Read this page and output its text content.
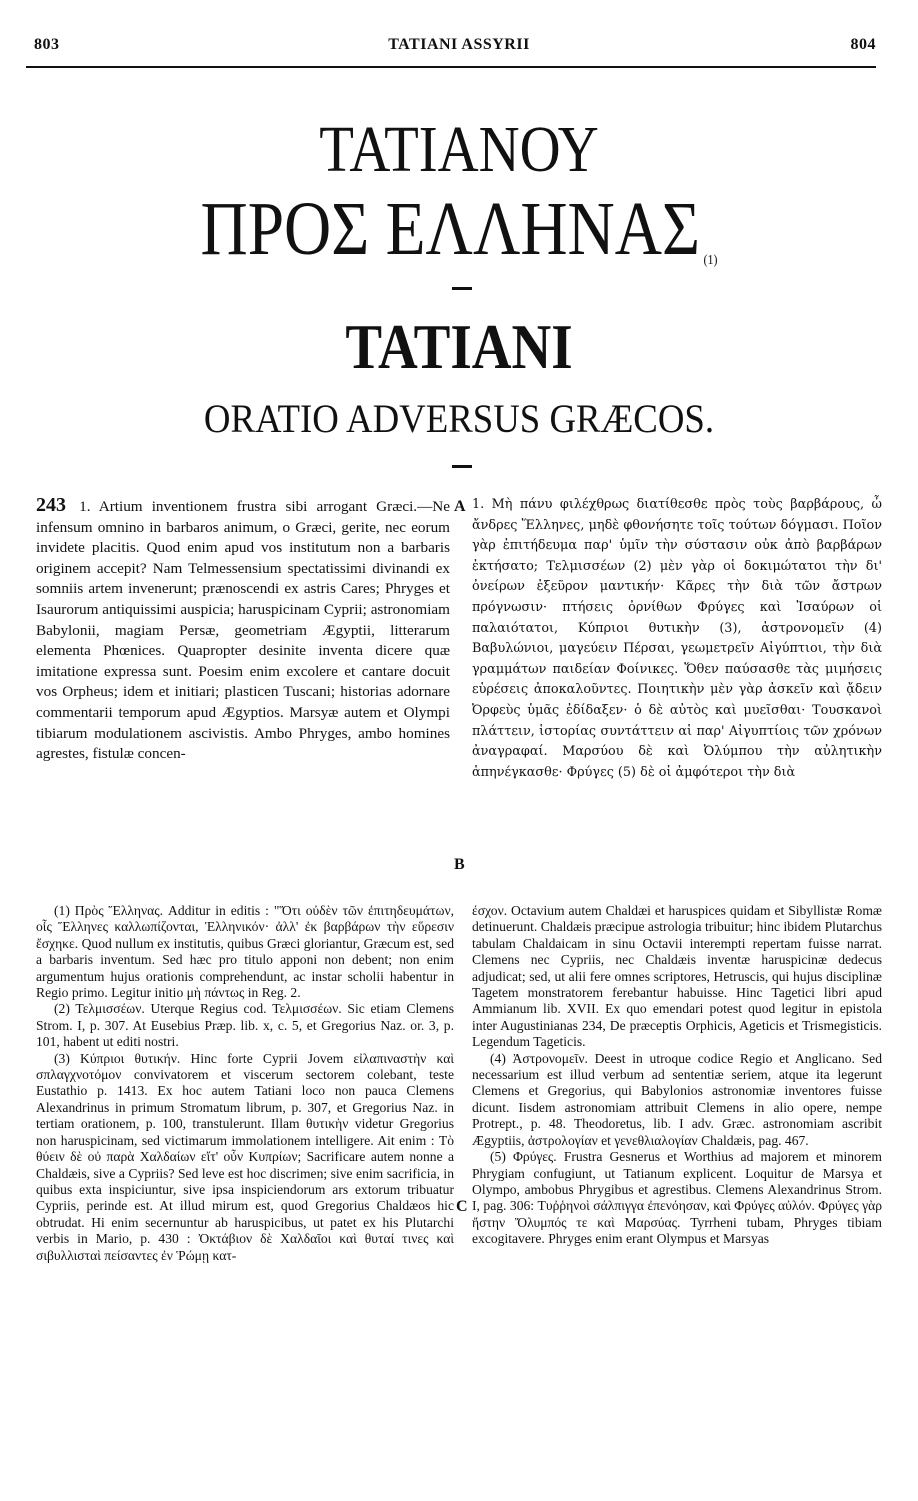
803	TATIANI ASSYRII	804
ΤΑΤΙΑΝΟΥ
ΠΡΟΣ ΕΛΛΗΝΑΣ $^{(1)}$
TATIANI
ORATIO ADVERSUS GRÆCOS.
243 1. Artium inventionem frustra sibi arrogant Græci.—Ne infensum omnino in barbaros animum, o Græci, gerite, nec eorum invidete placitis. Quod enim apud vos institutum non a barbaris originem accepit? Nam Telmessensium spectatissimi divinandi ex somniis artem invenerunt; prænoscendi ex astris Cares; Phryges et Isaurorum antiquissimi auspicia; haruspicinam Cyprii; astronomiam Babylonii, magiam Persæ, geometriam Ægyptii, litterarum elementa Phœnices. Quapropter desinite inventa dicere quæ imitatione expressa sunt. Poesim enim excolere et cantare docuit vos Orpheus; idem et initiari; plasticen Tuscani; historias adornare commentarii temporum apud Ægyptios. Marsyæ autem et Olympi tibiarum modulationem ascivistis. Ambo Phryges, ambo homines agrestes, fistulæ concen-
A
B
1. Μὴ πάνυ φιλέχθρως διατίθεσθε πρὸς τοὺς βαρβάρους, ὦ ἄνδρες Ἕλληνες, μηδὲ φθονήσητε τοῖς τούτων δόγμασι. Ποῖον γὰρ ἐπιτήδευμα παρ' ὑμῖν τὴν σύστασιν οὐκ ἀπὸ βαρβάρων ἐκτήσατο; Τελμισσέων (2) μὲν γὰρ οἱ δοκιμώτατοι τὴν δι' ὀνείρων ἐξεῦρον μαντικήν· Κᾶρες τὴν διὰ τῶν ἄστρων πρόγνωσιν· πτήσεις ὀρνίθων Φρύγες καὶ Ἰσαύρων οἱ παλαιότατοι, Κύπριοι θυτικὴν (3), ἀστρονομεῖν (4) Βαβυλώνιοι, μαγεύειν Πέρσαι, γεωμετρεῖν Αἰγύπτιοι, τὴν διὰ γραμμάτων παιδείαν Φοίνικες. Ὅθεν παύσασθε τὰς μιμήσεις εὑρέσεις ἀποκαλοῦντες. Ποιητικὴν μὲν γὰρ ἀσκεῖν καὶ ᾄδειν Ὀρφεὺς ὑμᾶς ἐδίδαξεν· ὁ δὲ αὐτὸς καὶ μυεῖσθαι· Τουσκανοὶ πλάττειν, ἱστορίας συντάττειν αἱ παρ' Αἰγυπτίοις τῶν χρόνων ἀναγραφαί. Μαρσύου δὲ καὶ Ὀλύμπου τὴν αὐλητικὴν ἀπηνέγκασθε· Φρύγες (5) δὲ οἱ ἀμφότεροι τὴν διὰ

(1) Πρὸς Ἕλληνας. Additur in editis : "Ὅτι οὐδὲν τῶν ἐπιτηδευμάτων, οἷς Ἕλληνες καλλωπίζονται, Ἑλληνικόν· ἀλλ' ἐκ βαρβάρων τὴν εὕρεσιν ἔσχηκε. Quod nullum ex institutis, quibus Græci gloriantur, Græcum est, sed a barbaris inventum. Sed hæc pro titulo apponi non debent; non enim argumentum hujus orationis comprehendunt, ac instar scholii habentur in Regio primo. Legitur initio μὴ πάντως in Reg. 2.

(2) Τελμισσέων. Uterque Regius cod. Τελμισσέων. Sic etiam Clemens Strom. I, p. 307. At Eusebius Præp. lib. x, c. 5, et Gregorius Naz. or. 3, p. 101, habent ut editi nostri.

(3) Κύπριοι θυτικήν. Hinc forte Cyprii Jovem εἰλαπιναστὴν καὶ σπλαγχνοτόμον convivatorem et viscerum sectorem colebant, teste Eustathio p. 1413. Ex hoc autem Tatiani loco non pauca Clemens Alexandrinus in primum Stromatum librum, p. 307, et Gregorius Naz. in tertiam orationem, p. 100, transtulerunt. Illam θυτικὴν videtur Gregorius non haruspicinam, sed victimarum immolationem intelligere. Ait enim : Τὸ θύειν δὲ οὐ παρὰ Χαλδαίων εἴτ' οὖν Κυπρίων; Sacrificare autem nonne a Chaldæis, sive a Cypriis? Sed leve est hoc discrimen; sive enim sacrificia, in quibus exta inspiciuntur, sive ipsa inspiciendorum ars extorum tribuatur Cypriis, perinde est. At illud mirum est, quod Gregorius Chaldæos hic obtrudat. Hi enim secernuntur ab haruspicibus, ut patet ex his Plutarchi verbis in Mario, p. 430 : Ὀκτάβιον δὲ Χαλδαῖοι καὶ θυταί τινες καὶ σιβυλλισταὶ πείσαντες ἐν Ῥώμῃ κατ-

C

έσχον. Octavium autem Chaldæi et haruspices quidam et Sibyllistæ Romæ detinuerunt. Chaldæis præcipue astrologia tribuitur; hinc ibidem Plutarchus tabulam Chaldaicam in sinu Octavii interempti repertam fuisse narrat. Clemens nec Cypriis, nec Chaldæis inventæ haruspicinæ dedecus adjudicat; sed, ut alii fere omnes scriptores, Hetruscis, qui hujus disciplinæ Tagetem monstratorem ferebantur habuisse. Hinc Tagetici libri apud Ammianum lib. XVII. Ex quo emendari potest quod legitur in epistola inter Augustinianas 234, De præceptis Orphicis, Ageticis et Trismegisticis. Legendum Tageticis.

(4) Ἀστρονομεῖν. Deest in utroque codice Regio et Anglicano. Sed necessarium est illud verbum ad sententiæ seriem, atque ita legerunt Clemens et Gregorius, qui Babylonios astronomiæ inventores fuisse dicunt. Iisdem astronomiam attribuit Clemens in alio opere, nempe Protrept., p. 48. Theodoretus, lib. I adv. Græc. astronomiam ascribit Ægyptiis, ἀστρολογίαν et γενεθλιαλογίαν Chaldæis, pag. 467.

(5) Φρύγες. Frustra Gesnerus et Worthius ad majorem et minorem Phrygiam confugiunt, ut Tatianum explicent. Loquitur de Marsya et Olympo, ambobus Phrygibus et agrestibus. Clemens Alexandrinus Strom. I, pag. 306: Τυῤῥηνοὶ σάλπιγγα ἐπενόησαν, καὶ Φρύγες αὐλόν. Φρύγες γὰρ ἤστην Ὄλυμπός τε καὶ Μαρσύας. Tyrrheni tubam, Phryges tibiam excogitavere. Phryges enim erant Olympus et Marsyas
